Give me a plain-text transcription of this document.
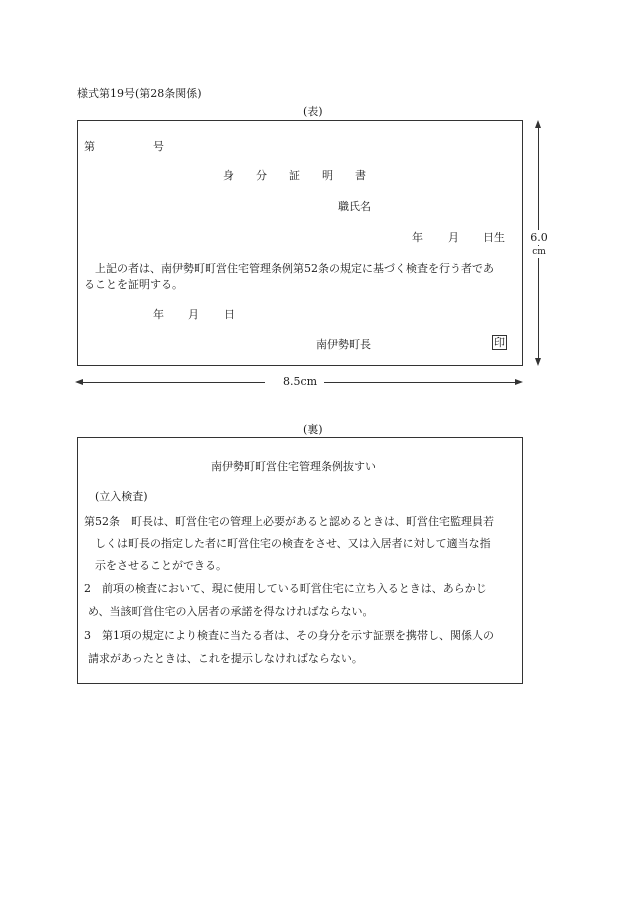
様式第19号(第28条関係)
(表)
第	号
身　　分　　証　　明　　書
職氏名
年 月 日生
上記の者は、南伊勢町町営住宅管理条例第52条の規定に基づく検査を行う者であ
ることを証明する。
年 月 日
南伊勢町長	印
6.0
cm
8.5cm
(裏)
南伊勢町町営住宅管理条例抜すい
(立入検査)
第52条　町長は、町営住宅の管理上必要があると認めるときは、町営住宅監理員若
しくは町長の指定した者に町営住宅の検査をさせ、又は入居者に対して適当な指
示をさせることができる。
2　前項の検査において、現に使用している町営住宅に立ち入るときは、あらかじ
め、当該町営住宅の入居者の承諾を得なければならない。
3　第1項の規定により検査に当たる者は、その身分を示す証票を携帯し、関係人の
請求があったときは、これを提示しなければならない。
